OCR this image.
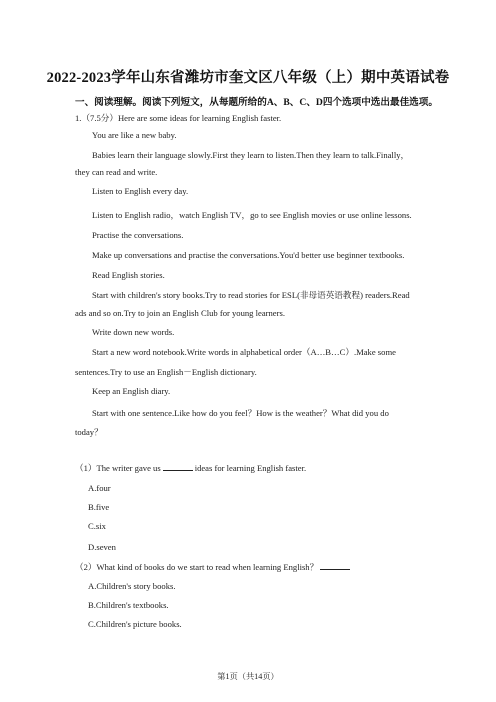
2022-2023学年山东省潍坊市奎文区八年级（上）期中英语试卷
一、阅读理解。阅读下列短文，从每题所给的A、B、C、D四个选项中选出最佳选项。
1.（7.5分）Here are some ideas for learning English faster.
You are like a new baby.
Babies learn their language slowly.First they learn to listen.Then they learn to talk.Finally，
they can read and write.
Listen to English every day.
Listen to English radio，watch English TV，go to see English movies or use online lessons.
Practise the conversations.
Make up conversations and practise the conversations.You'd better use beginner textbooks.
Read English stories.
Start with children's story books.Try to read stories for ESL(非母语英语教程) readers.Read
ads and so on.Try to join an English Club for young learners.
Write down new words.
Start a new word notebook.Write words in alphabetical order（A…B…C）.Make some
sentences.Try to use an English－English dictionary.
Keep an English diary.
Start with one sentence.Like how do you feel？How is the weather？What did you do
today？
（1）The writer gave us	ideas for learning English faster.
A.four
B.five
C.six
D.seven
（2）What kind of books do we start to read when learning English？
A.Children's story books.
B.Children's textbooks.
C.Children's picture books.
第1页（共14页）
